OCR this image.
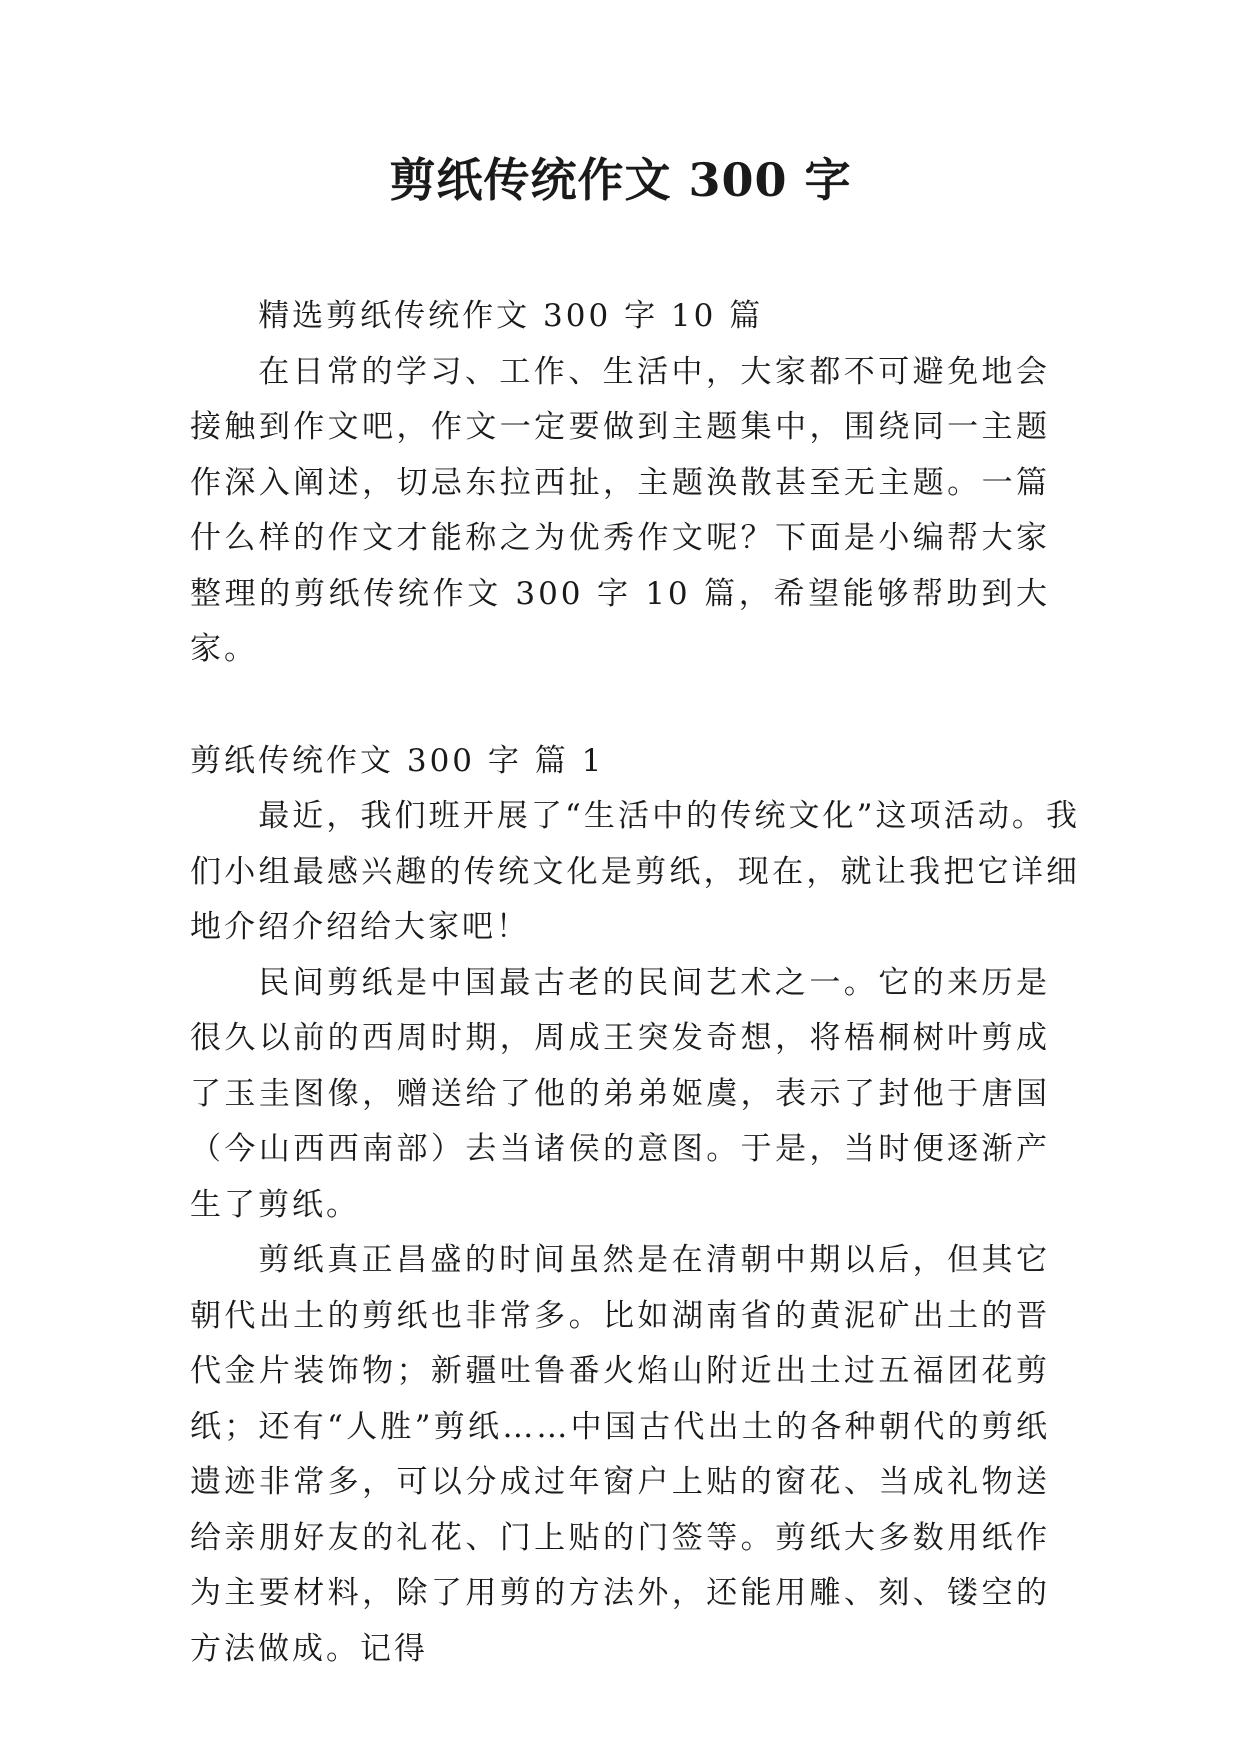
剪纸传统作文 300 字

精选剪纸传统作文 300 字 10 篇

在日常的学习、工作、生活中，大家都不可避免地会接触到作文吧，作文一定要做到主题集中，围绕同一主题作深入阐述，切忌东拉西扯，主题涣散甚至无主题。一篇什么样的作文才能称之为优秀作文呢？下面是小编帮大家整理的剪纸传统作文 300 字 10 篇，希望能够帮助到大家。

剪纸传统作文 300 字 篇 1

最近，我们班开展了“生活中的传统文化”这项活动。我们小组最感兴趣的传统文化是剪纸，现在，就让我把它详细地介绍介绍给大家吧！

民间剪纸是中国最古老的民间艺术之一。它的来历是很久以前的西周时期，周成王突发奇想，将梧桐树叶剪成了玉圭图像，赠送给了他的弟弟姬虞，表示了封他于唐国（今山西西南部）去当诸侯的意图。于是，当时便逐渐产生了剪纸。

剪纸真正昌盛的时间虽然是在清朝中期以后，但其它朝代出土的剪纸也非常多。比如湖南省的黄泥矿出土的晋代金片装饰物；新疆吐鲁番火焰山附近出土过五福团花剪纸；还有“人胜”剪纸……中国古代出土的各种朝代的剪纸遗迹非常多，可以分成过年窗户上贴的窗花、当成礼物送给亲朋好友的礼花、门上贴的门签等。剪纸大多数用纸作为主要材料，除了用剪的方法外，还能用雕、刻、镂空的方法做成。记得
